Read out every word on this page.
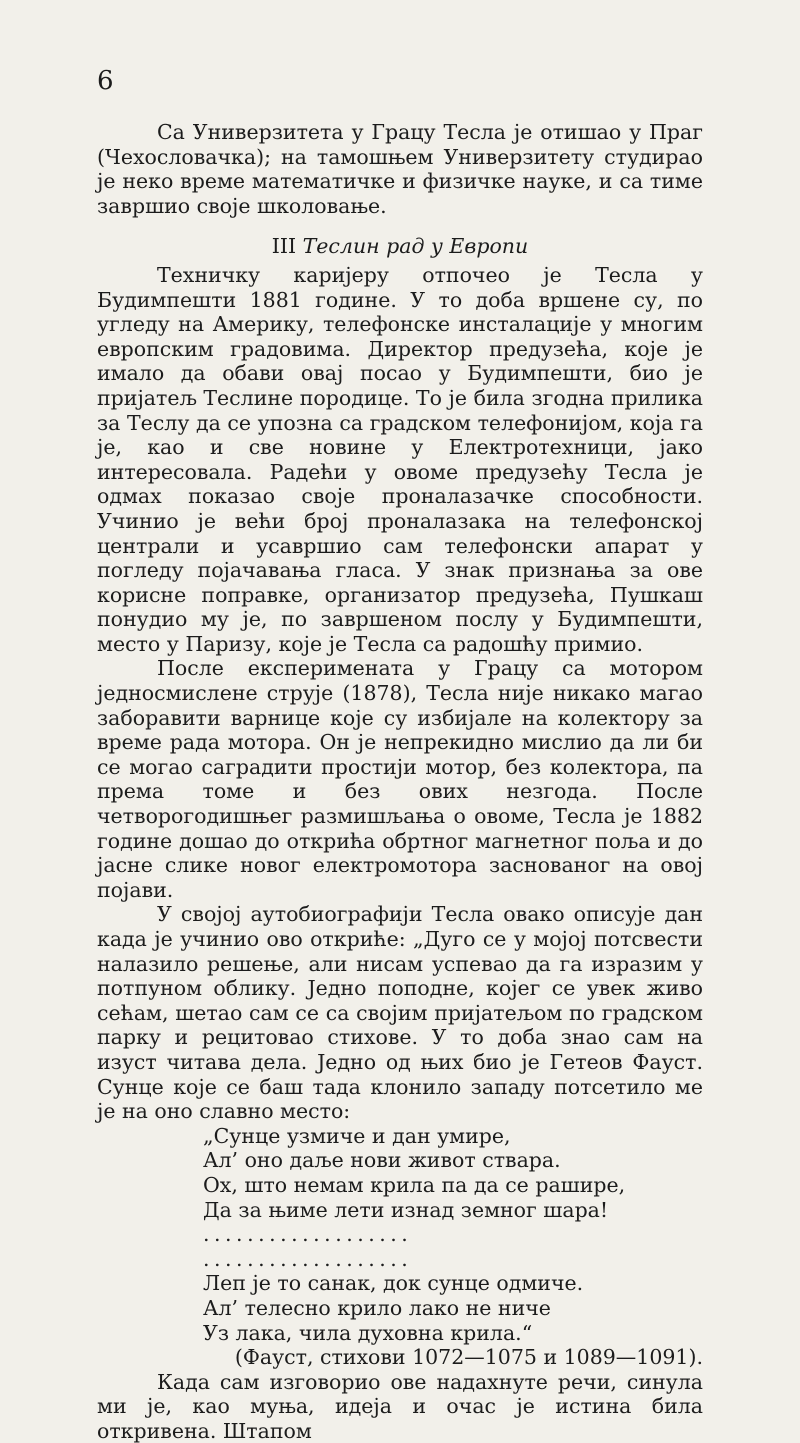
6

Са Универзитета у Грацу Тесла је отишао у Праг (Чехословачка); на тамошњем Универзитету студирао је неко време математичке и физичке науке, и са тиме завршио своје школовање.

III Теслин рад у Европи

Техничку каријеру отпочео је Тесла у Будимпешти 1881 године. У то доба вршене су, по угледу на Америку, телефонске инсталације у многим европским градовима. Директор предузећа, које је имало да обави овај посао у Будимпешти, био је пријатељ Теслине породице. То је била згодна прилика за Теслу да се упозна са градском телефонијом, која га је, као и све новине у Електротехници, јако интересовала. Радећи у овоме предузећу Тесла је одмах показао своје проналазачке способности. Учинио је већи број проналазака на телефонској централи и усавршио сам телефонски апарат у погледу појачавања гласа. У знак признања за ове корисне поправке, организатор предузећа, Пушкаш понудио му је, по завршеном послу у Будимпешти, место у Паризу, које је Тесла са радошћу примио.

После експеримената у Грацу са мотором једносмислене струје (1878), Тесла није никако магао заборавити варнице које су избијале на колектору за време рада мотора. Он је непрекидно мислио да ли би се могао саградити простији мотор, без колектора, па према томе и без ових незгода. После четворогодишњег размишљања о овоме, Тесла је 1882 године дошао до открића обртног магнетног поља и до јасне слике новог електромотора заснованог на овој појави.

У својој аутобиографији Тесла овако описује дан када је учинио ово откриће: „Дуго се у мојој потсвести налазило решење, али нисам успевао да га изразим у потпуном облику. Једно поподне, којег се увек живо сећам, шетао сам се са својим пријатељом по градском парку и рецитовао стихове. У то доба знао сам на изуст читава дела. Једно од њих био је Гетеов Фауст. Сунце које се баш тада клонило западу потсетило ме је на оно славно место:

„Сунце узмиче и дан умире,
Ал’ оно даље нови живот ствара.
Ох, што немам крила па да се рашире,
Да за њиме лети изнад земног шара!
...................
...................
Леп је то санак, док сунце одмиче.
Ал’ телесно крило лако не ниче
Уз лака, чила духовна крила.“

(Фауст, стихови 1072—1075 и 1089—1091).

Када сам изговорио ове надахнуте речи, синула ми је, као муња, идеја и очас је истина била откривена. Штапом
